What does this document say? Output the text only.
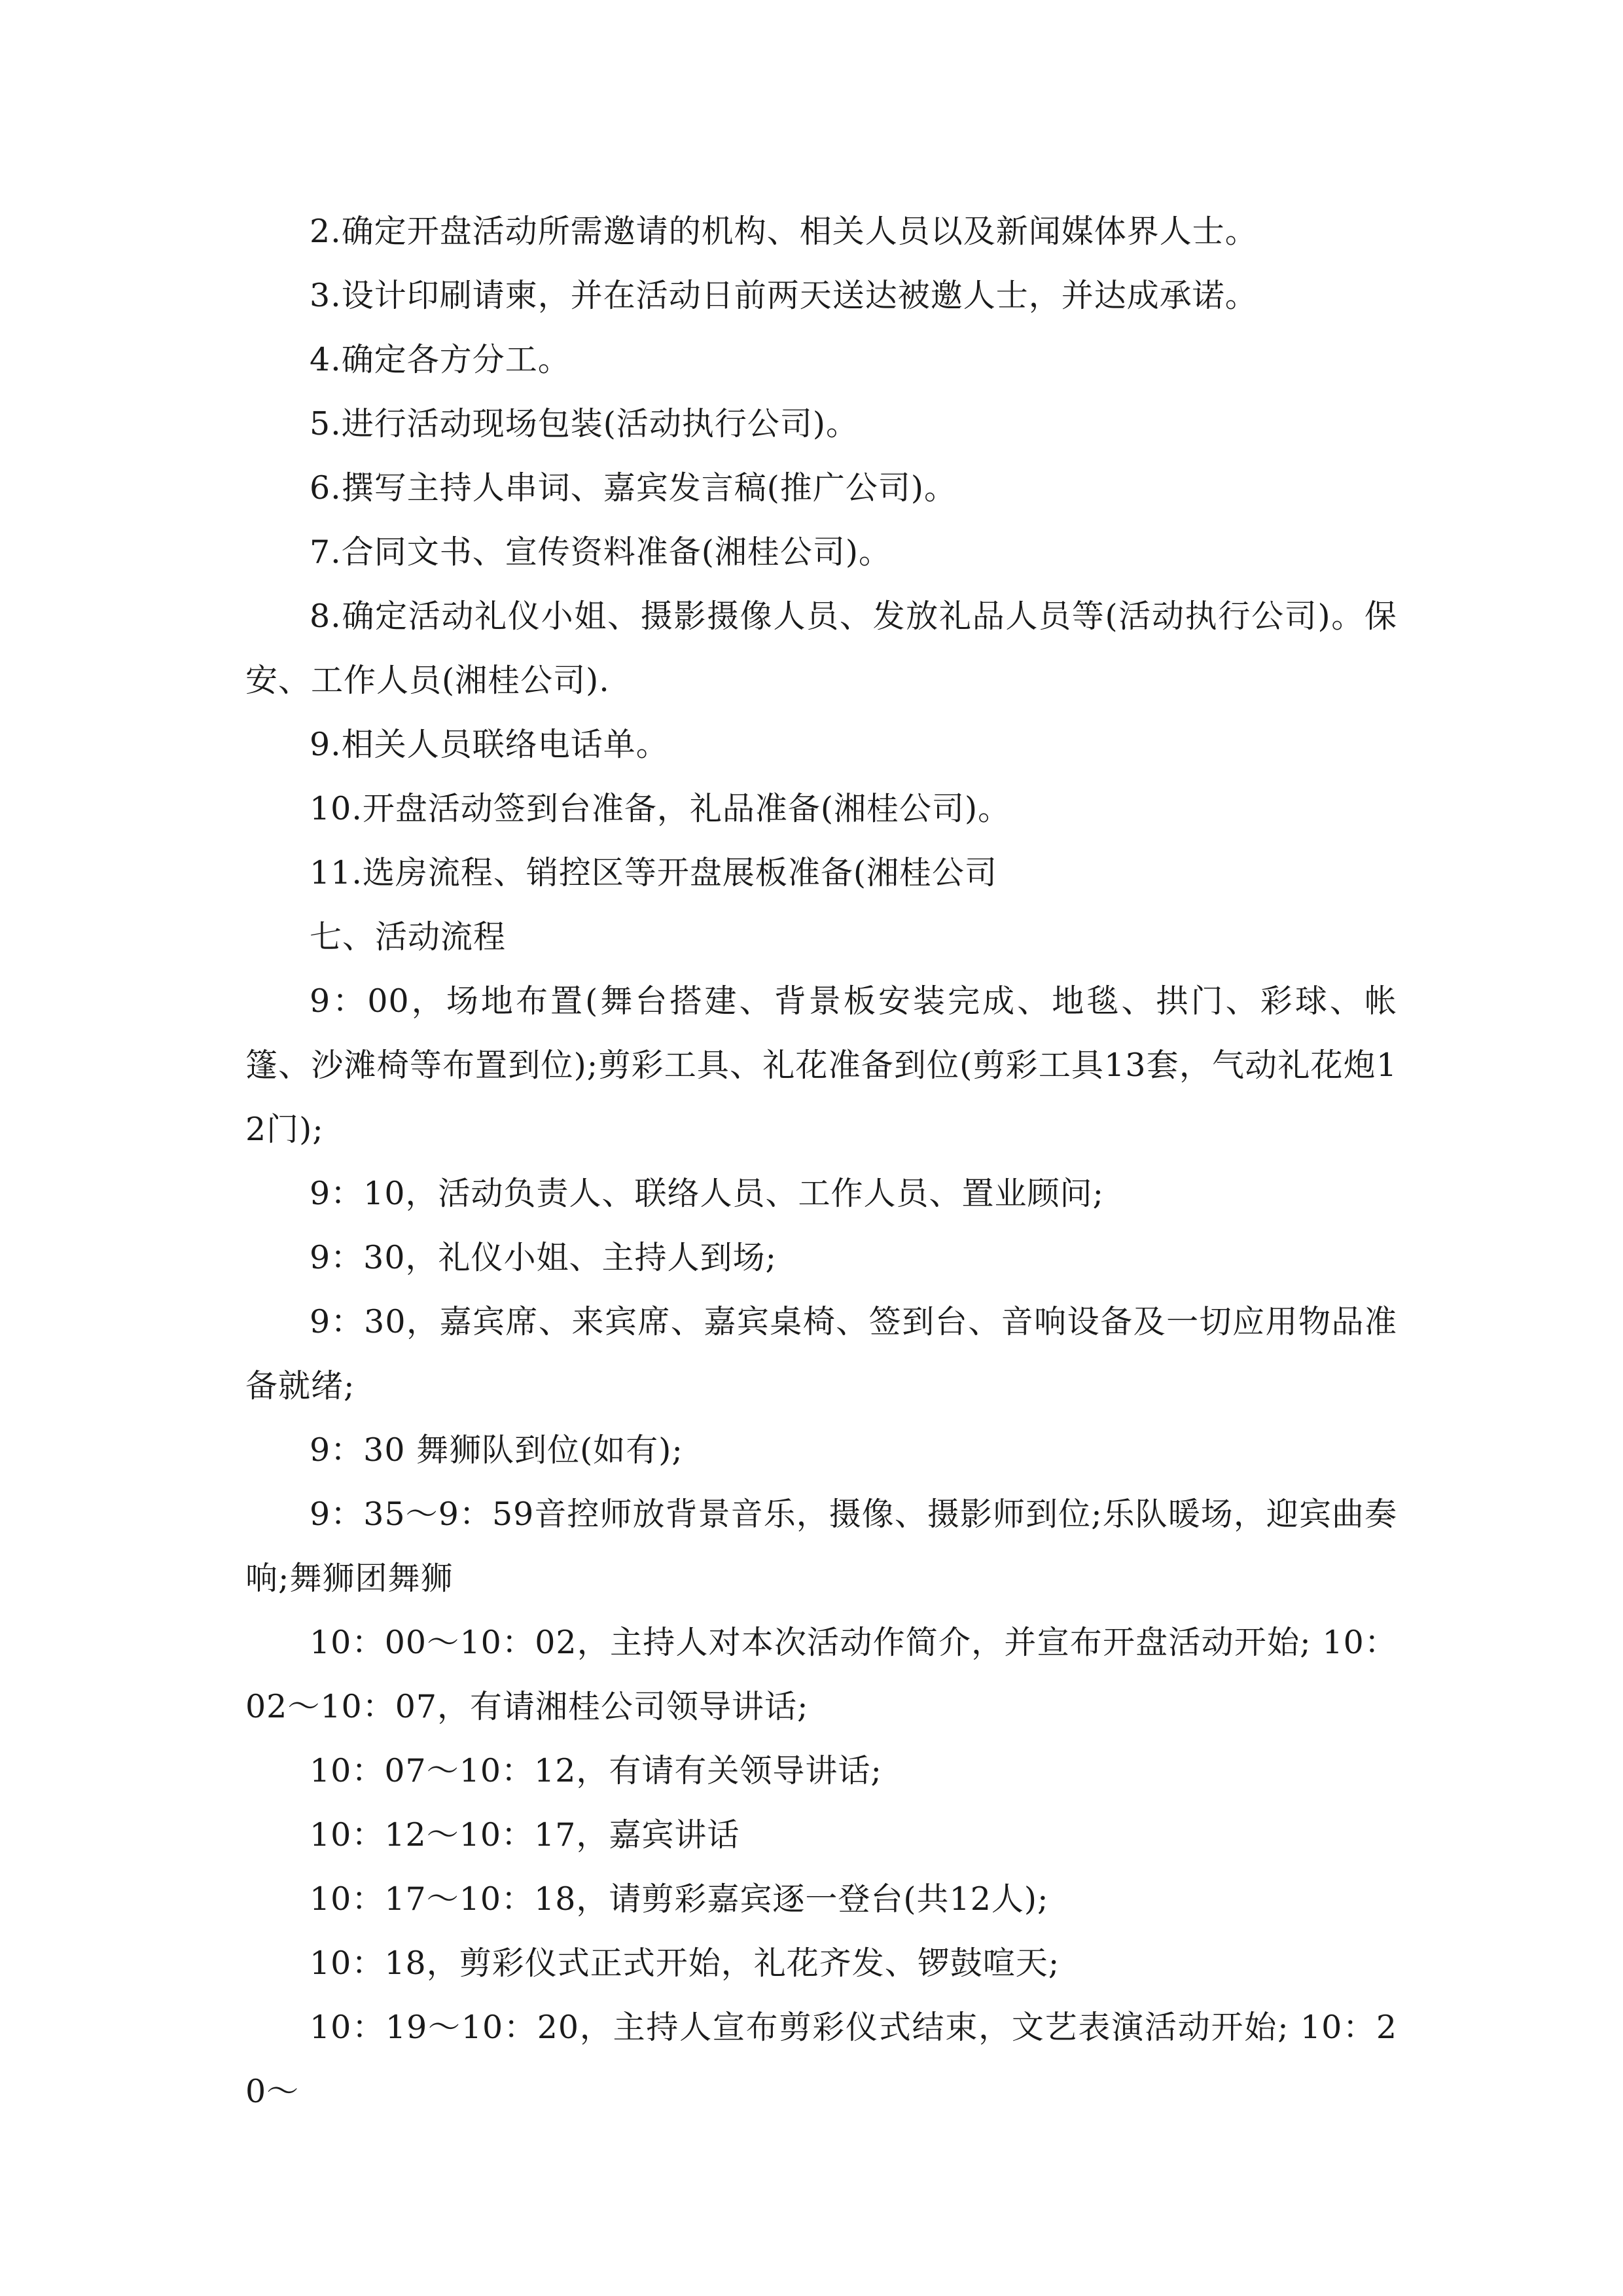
2.确定开盘活动所需邀请的机构、相关人员以及新闻媒体界人士。

3.设计印刷请柬，并在活动日前两天送达被邀人士，并达成承诺。

4.确定各方分工。

5.进行活动现场包装(活动执行公司)。

6.撰写主持人串词、嘉宾发言稿(推广公司)。

7.合同文书、宣传资料准备(湘桂公司)。

8.确定活动礼仪小姐、摄影摄像人员、发放礼品人员等(活动执行公司)。保安、工作人员(湘桂公司).

9.相关人员联络电话单。

10.开盘活动签到台准备，礼品准备(湘桂公司)。

11.选房流程、销控区等开盘展板准备(湘桂公司

七、活动流程

9：00，场地布置(舞台搭建、背景板安装完成、地毯、拱门、彩球、帐篷、沙滩椅等布置到位);剪彩工具、礼花准备到位(剪彩工具13套，气动礼花炮12门);

9：10，活动负责人、联络人员、工作人员、置业顾问;

9：30，礼仪小姐、主持人到场;

9：30，嘉宾席、来宾席、嘉宾桌椅、签到台、音响设备及一切应用物品准备就绪;

9：30 舞狮队到位(如有);

9：35～9：59音控师放背景音乐，摄像、摄影师到位;乐队暖场，迎宾曲奏响;舞狮团舞狮

10：00～10：02，主持人对本次活动作简介，并宣布开盘活动开始; 10：02～10：07，有请湘桂公司领导讲话;

10：07～10：12，有请有关领导讲话;

10：12～10：17，嘉宾讲话

10：17～10：18，请剪彩嘉宾逐一登台(共12人);

10：18，剪彩仪式正式开始，礼花齐发、锣鼓喧天;

10：19～10：20，主持人宣布剪彩仪式结束，文艺表演活动开始; 10：20～
